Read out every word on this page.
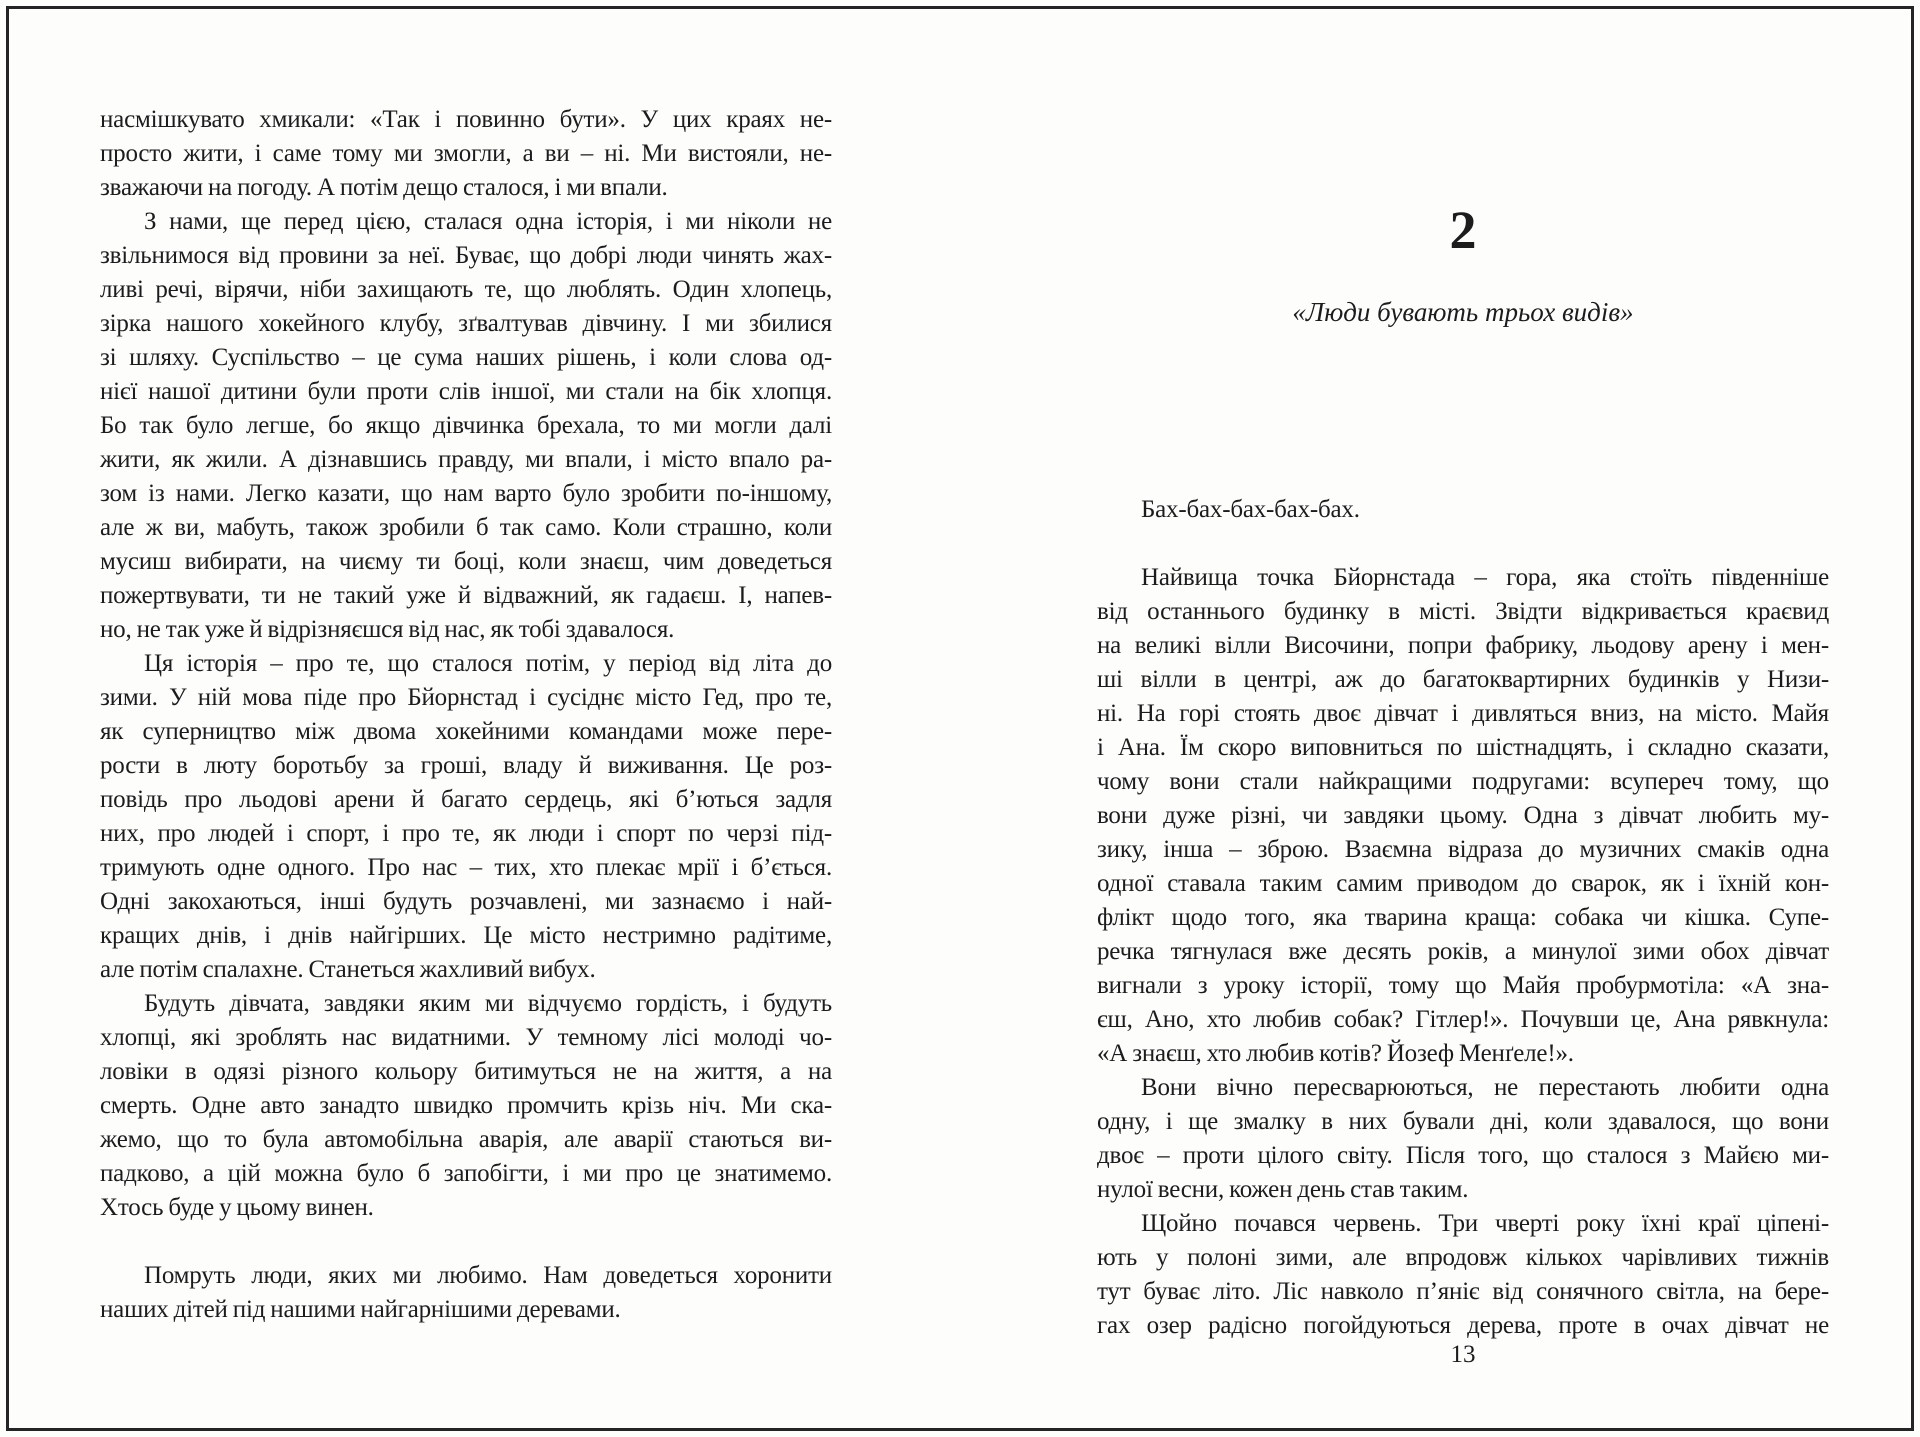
насмішкувато хмикали: «Так і повинно бути». У цих краях не-
просто жити, і саме тому ми змогли, а ви – ні. Ми вистояли, не-
зважаючи на погоду. А потім дещо сталося, і ми впали.
З нами, ще перед цією, сталася одна історія, і ми ніколи не
звільнимося від провини за неї. Буває, що добрі люди чинять жах-
ливі речі, вірячи, ніби захищають те, що люблять. Один хлопець,
зірка нашого хокейного клубу, зґвалтував дівчину. І ми збилися
зі шляху. Суспільство – це сума наших рішень, і коли слова од-
нієї нашої дитини були проти слів іншої, ми стали на бік хлопця.
Бо так було легше, бо якщо дівчинка брехала, то ми могли далі
жити, як жили. А дізнавшись правду, ми впали, і місто впало ра-
зом із нами. Легко казати, що нам варто було зробити по-іншому,
але ж ви, мабуть, також зробили б так само. Коли страшно, коли
мусиш вибирати, на чиєму ти боці, коли знаєш, чим доведеться
пожертвувати, ти не такий уже й відважний, як гадаєш. І, напев-
но, не так уже й відрізняєшся від нас, як тобі здавалося.
Ця історія – про те, що сталося потім, у період від літа до
зими. У ній мова піде про Бйорнстад і сусіднє місто Гед, про те,
як суперництво між двома хокейними командами може пере-
рости в люту боротьбу за гроші, владу й виживання. Це роз-
повідь про льодові арени й багато сердець, які б’ються задля
них, про людей і спорт, і про те, як люди і спорт по черзі під-
тримують одне одного. Про нас – тих, хто плекає мрії і б’ється.
Одні закохаються, інші будуть розчавлені, ми зазнаємо і най-
кращих днів, і днів найгірших. Це місто нестримно радітиме,
але потім спалахне. Станеться жахливий вибух.
Будуть дівчата, завдяки яким ми відчуємо гордість, і будуть
хлопці, які зроблять нас видатними. У темному лісі молоді чо-
ловіки в одязі різного кольору битимуться не на життя, а на
смерть. Одне авто занадто швидко промчить крізь ніч. Ми ска-
жемо, що то була автомобільна аварія, але аварії стаються ви-
падково, а цій можна було б запобігти, і ми про це знатимемо.
Хтось буде у цьому винен.
Помруть люди, яких ми любимо. Нам доведеться хоронити
наших дітей під нашими найгарнішими деревами.
2
«Люди бувають трьох видів»
Бах-бах-бах-бах-бах.
Найвища точка Бйорнстада – гора, яка стоїть південніше
від останнього будинку в місті. Звідти відкривається краєвид
на великі вілли Височини, попри фабрику, льодову арену і мен-
ші вілли в центрі, аж до багатоквартирних будинків у Низи-
ні. На горі стоять двоє дівчат і дивляться вниз, на місто. Майя
і Ана. Їм скоро виповниться по шістнадцять, і складно сказати,
чому вони стали найкращими подругами: всупереч тому, що
вони дуже різні, чи завдяки цьому. Одна з дівчат любить му-
зику, інша – зброю. Взаємна відраза до музичних смаків одна
одної ставала таким самим приводом до сварок, як і їхній кон-
флікт щодо того, яка тварина краща: собака чи кішка. Супе-
речка тягнулася вже десять років, а минулої зими обох дівчат
вигнали з уроку історії, тому що Майя пробурмотіла: «А зна-
єш, Ано, хто любив собак? Гітлер!». Почувши це, Ана рявкнула:
«А знаєш, хто любив котів? Йозеф Менґеле!».
Вони вічно пересварюються, не перестають любити одна
одну, і ще змалку в них бували дні, коли здавалося, що вони
двоє – проти цілого світу. Після того, що сталося з Майєю ми-
нулої весни, кожен день став таким.
Щойно почався червень. Три чверті року їхні краї ціпені-
ють у полоні зими, але впродовж кількох чарівливих тижнів
тут буває літо. Ліс навколо п’яніє від сонячного світла, на бере-
гах озер радісно погойдуються дерева, проте в очах дівчат не
13
